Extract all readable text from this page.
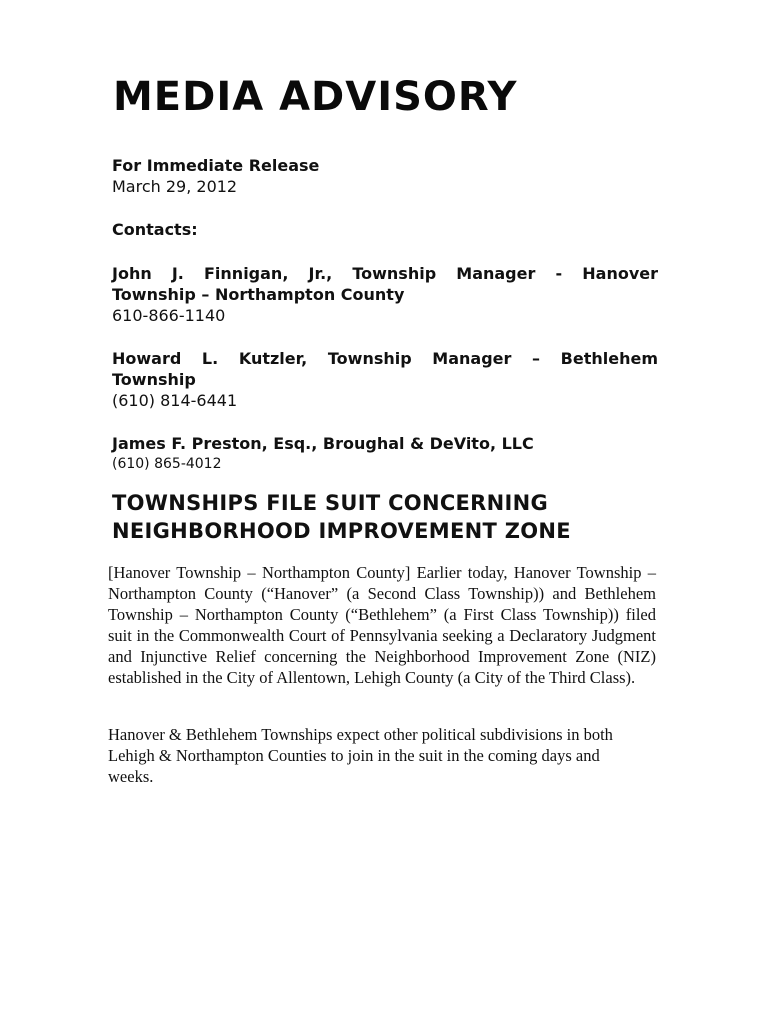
MEDIA ADVISORY

For Immediate Release

March 29, 2012

Contacts:

John J. Finnigan, Jr., Township Manager - Hanover

Township – Northampton County

610-866-1140

Howard L. Kutzler, Township Manager – Bethlehem

Township

(610) 814-6441

James F. Preston, Esq., Broughal & DeVito, LLC

(610) 865-4012

TOWNSHIPS FILE SUIT CONCERNING

NEIGHBORHOOD IMPROVEMENT ZONE

[Hanover Township – Northampton County] Earlier today, Hanover Township – Northampton County (“Hanover” (a Second Class Township)) and Bethlehem Township – Northampton County (“Bethlehem” (a First Class Township)) filed suit in the Commonwealth Court of Pennsylvania seeking a Declaratory Judgment and Injunctive Relief concerning the Neighborhood Improvement Zone (NIZ) established in the City of Allentown, Lehigh County (a City of the Third Class).

Hanover & Bethlehem Townships expect other political subdivisions in both Lehigh & Northampton Counties to join in the suit in the coming days and weeks.
